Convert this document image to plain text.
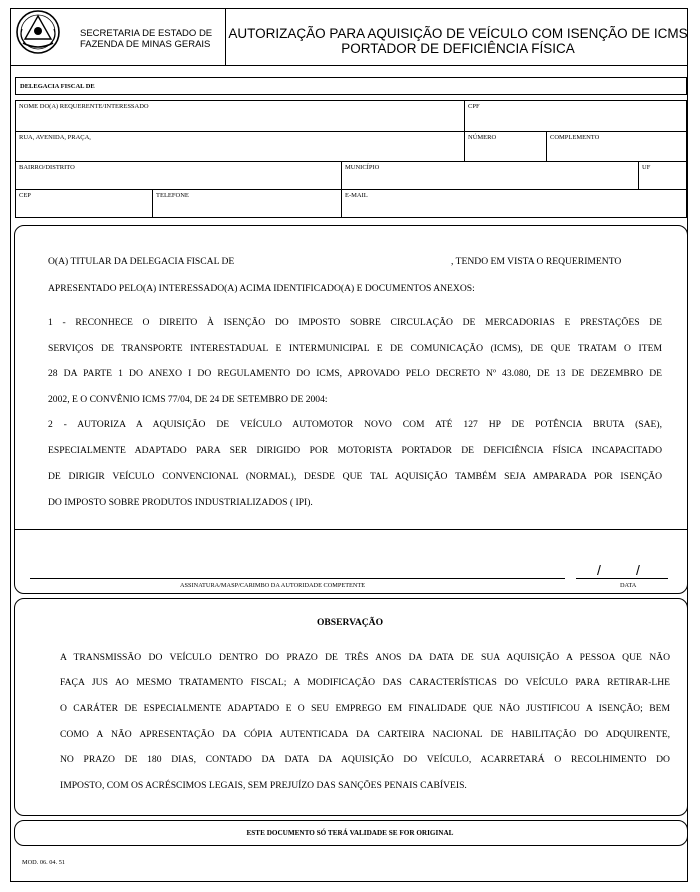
SECRETARIA DE ESTADO DE
FAZENDA DE MINAS GERAIS
AUTORIZAÇÃO PARA AQUISIÇÃO DE VEÍCULO COM ISENÇÃO DE ICMS
PORTADOR DE DEFICIÊNCIA FÍSICA
DELEGACIA FISCAL DE
NOME DO(A) REQUERENTE/INTERESSADO	CPF
RUA, AVENIDA, PRAÇA,	NÚMERO	COMPLEMENTO
BAIRRO/DISTRITO	MUNICÍPIO	UF
CEP	TELEFONE	E-MAIL
O(A) TITULAR DA DELEGACIA FISCAL DE	, TENDO EM VISTA O REQUERIMENTO
APRESENTADO PELO(A) INTERESSADO(A) ACIMA IDENTIFICADO(A) E DOCUMENTOS ANEXOS:
1 - RECONHECE O DIREITO À ISENÇÃO DO IMPOSTO SOBRE CIRCULAÇÃO DE MERCADORIAS E PRESTAÇÕES DE
SERVIÇOS DE TRANSPORTE INTERESTADUAL E INTERMUNICIPAL E DE COMUNICAÇÃO (ICMS), DE QUE TRATAM O ITEM
28 DA PARTE 1 DO ANEXO I DO REGULAMENTO DO ICMS, APROVADO PELO DECRETO Nº 43.080, DE 13 DE DEZEMBRO DE
2002, E O CONVÊNIO ICMS 77/04, DE 24 DE SETEMBRO DE 2004:
2 - AUTORIZA A AQUISIÇÃO DE VEÍCULO AUTOMOTOR NOVO COM ATÉ 127 HP DE POTÊNCIA BRUTA (SAE),
ESPECIALMENTE ADAPTADO PARA SER DIRIGIDO POR MOTORISTA PORTADOR DE DEFICIÊNCIA FÍSICA INCAPACITADO
DE DIRIGIR VEÍCULO CONVENCIONAL (NORMAL), DESDE QUE TAL AQUISIÇÃO TAMBÉM SEJA AMPARADA POR ISENÇÃO
DO IMPOSTO SOBRE PRODUTOS INDUSTRIALIZADOS ( IPI).
ASSINATURA/MASP/CARIMBO DA AUTORIDADE COMPETENTE
/	/
DATA
OBSERVAÇÃO
A TRANSMISSÃO DO VEÍCULO DENTRO DO PRAZO DE TRÊS ANOS DA DATA DE SUA AQUISIÇÃO A PESSOA QUE NÃO
FAÇA JUS AO MESMO TRATAMENTO FISCAL; A MODIFICAÇÃO DAS CARACTERÍSTICAS DO VEÍCULO PARA RETIRAR-LHE
O CARÁTER DE ESPECIALMENTE ADAPTADO E O SEU EMPREGO EM FINALIDADE QUE NÃO JUSTIFICOU A ISENÇÃO; BEM
COMO A NÃO APRESENTAÇÃO DA CÓPIA AUTENTICADA DA CARTEIRA NACIONAL DE HABILITAÇÃO DO ADQUIRENTE,
NO PRAZO DE 180 DIAS, CONTADO DA DATA DA AQUISIÇÃO DO VEÍCULO, ACARRETARÁ O RECOLHIMENTO DO
IMPOSTO, COM OS ACRÉSCIMOS LEGAIS, SEM PREJUÍZO DAS SANÇÕES PENAIS CABÍVEIS.
ESTE DOCUMENTO SÓ TERÁ VALIDADE SE FOR ORIGINAL
MOD. 06. 04. 51
